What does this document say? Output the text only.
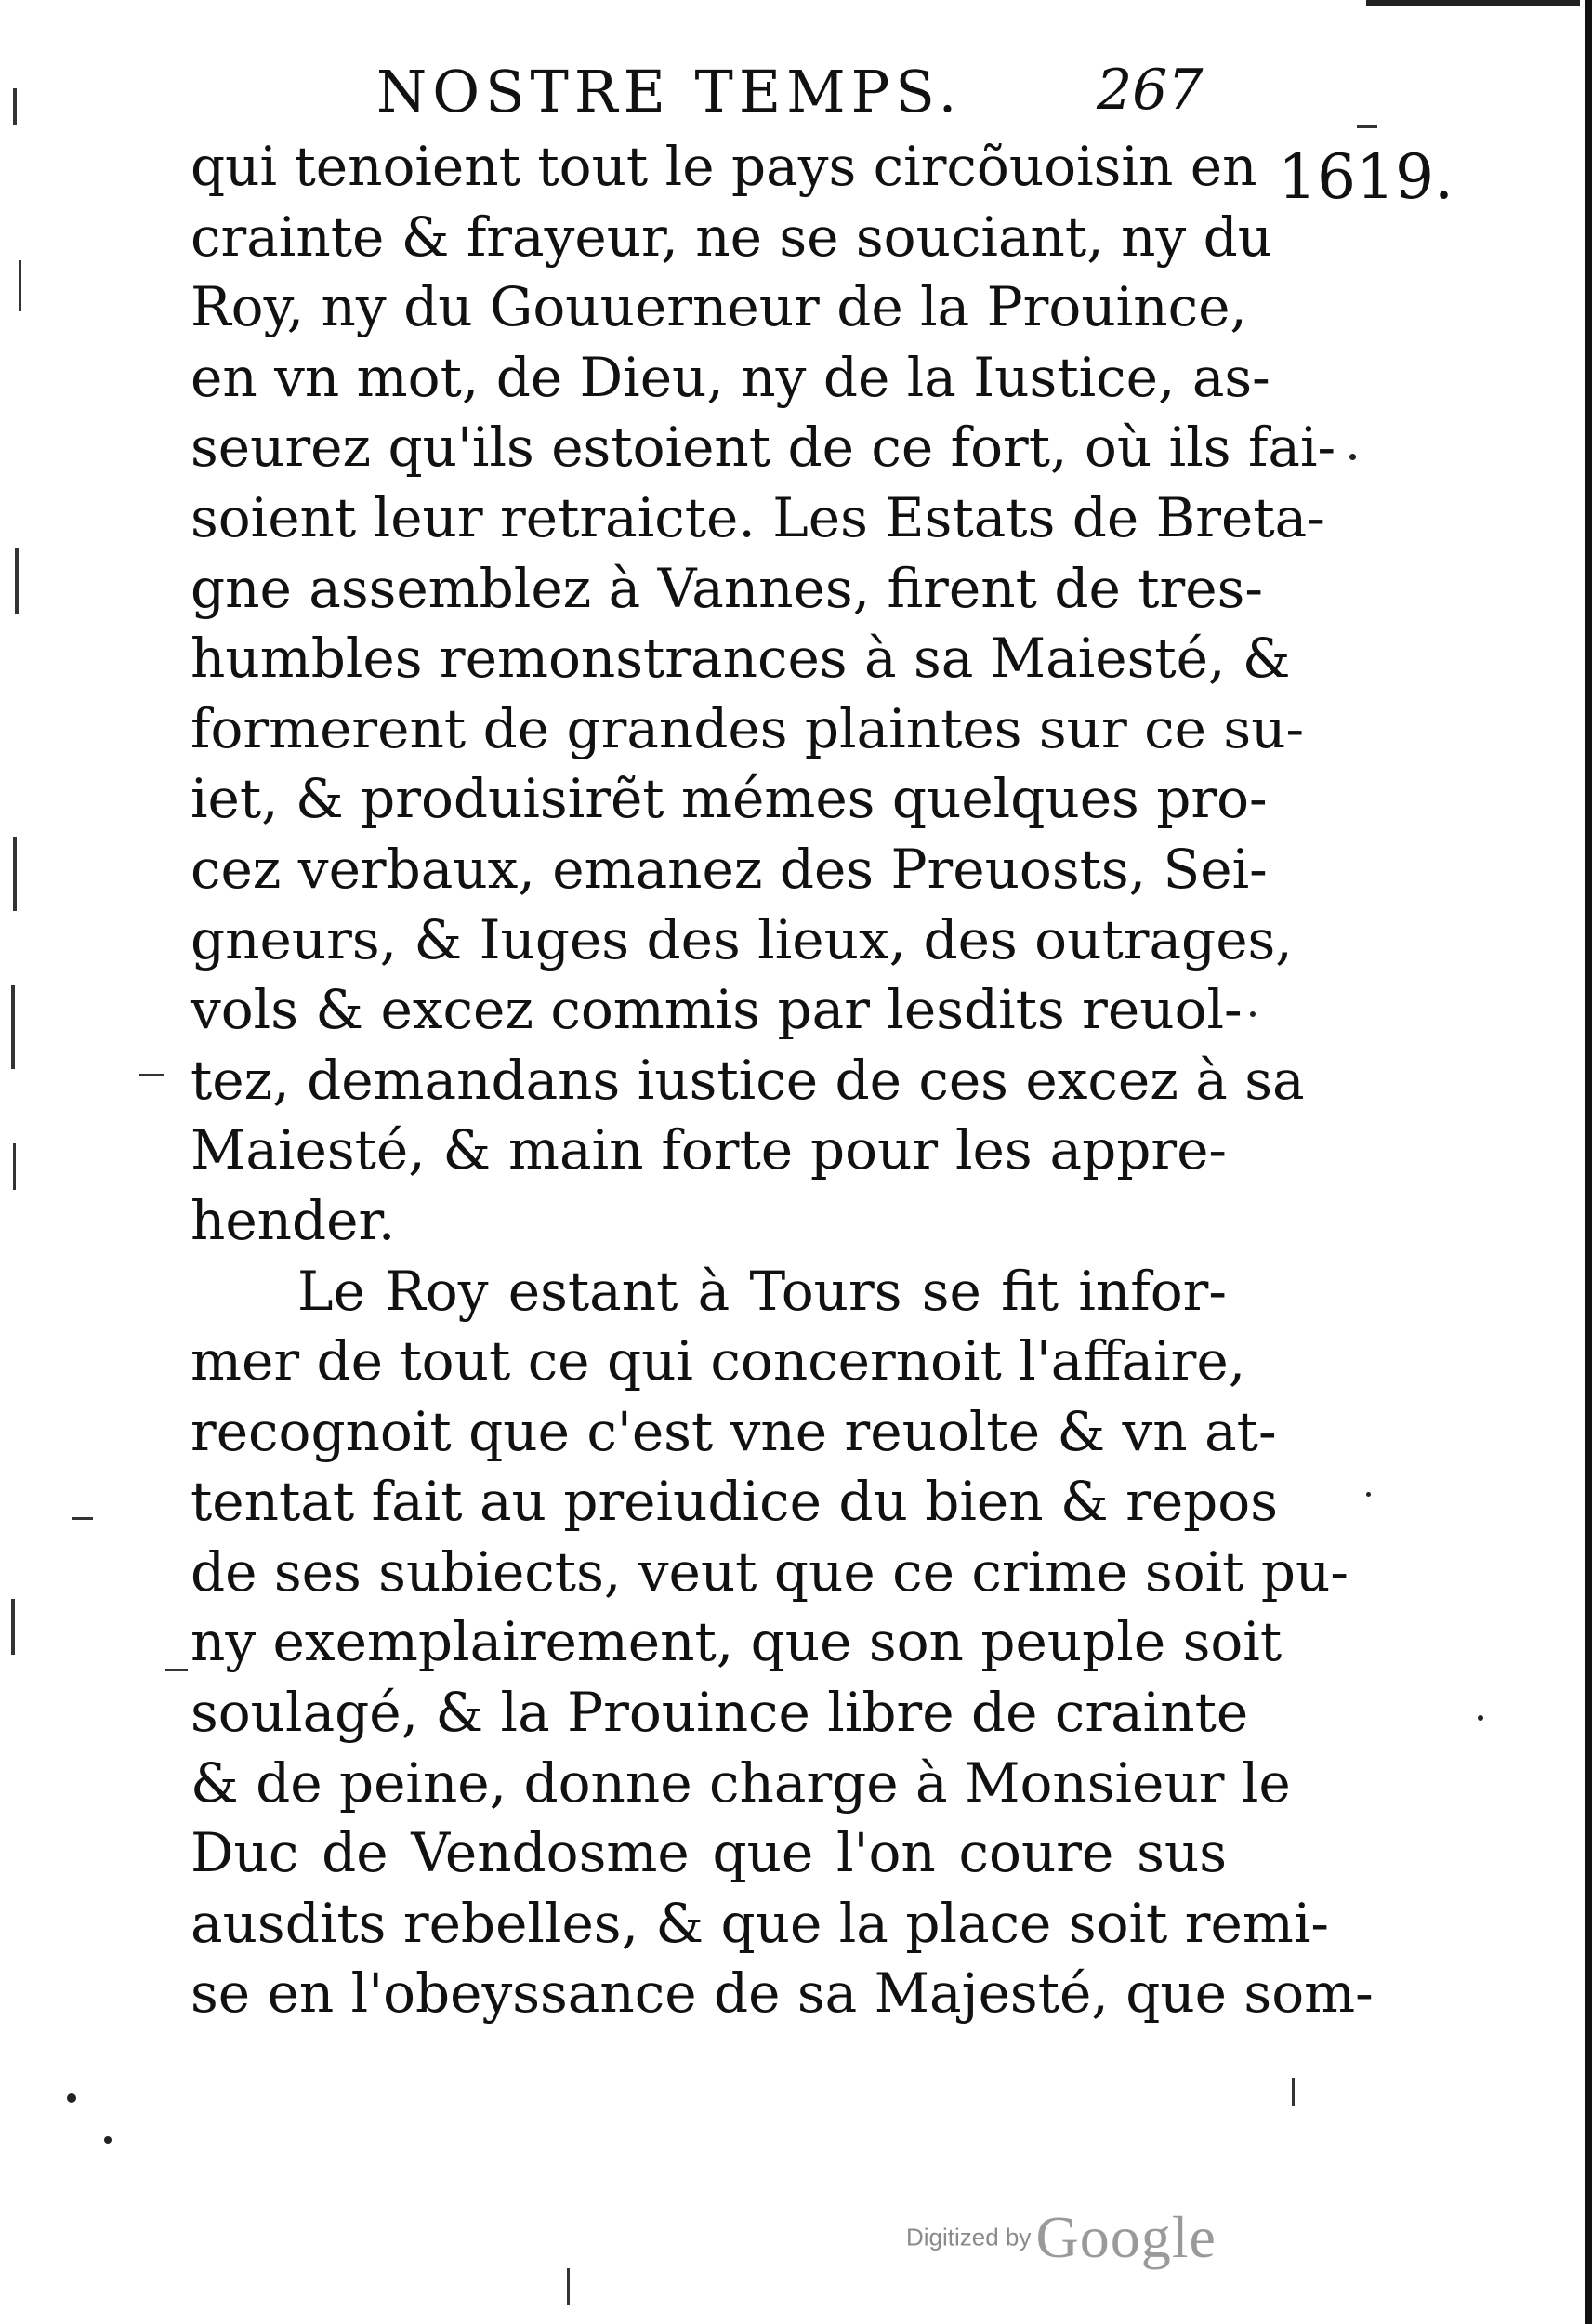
NOSTRE TEMPS. 267
1619.
qui tenoient tout le pays circõuoisin en
crainte & frayeur, ne se souciant, ny du
Roy, ny du Gouuerneur de la Prouince,
en vn mot, de Dieu, ny de la Iustice, as-
seurez qu'ils estoient de ce fort, où ils fai-
soient leur retraicte. Les Estats de Breta-
gne assemblez à Vannes, firent de tres-
humbles remonstrances à sa Maiesté, &
formerent de grandes plaintes sur ce su-
iet, & produisirẽt mémes quelques pro-
cez verbaux, emanez des Preuosts, Sei-
gneurs, & Iuges des lieux, des outrages,
vols & excez commis par lesdits reuol-
tez, demandans iustice de ces excez à sa
Maiesté, & main forte pour les appre-
hender.
Le Roy estant à Tours se fit infor-
mer de tout ce qui concernoit l'affaire,
recognoit que c'est vne reuolte & vn at-
tentat fait au preiudice du bien & repos
de ses subiects, veut que ce crime soit pu-
ny exemplairement, que son peuple soit
soulagé, & la Prouince libre de crainte
& de peine, donne charge à Monsieur le
Duc de Vendosme que l'on coure sus
ausdits rebelles, & que la place soit remi-
se en l'obeyssance de sa Majesté, que som-
Digitized by Google
